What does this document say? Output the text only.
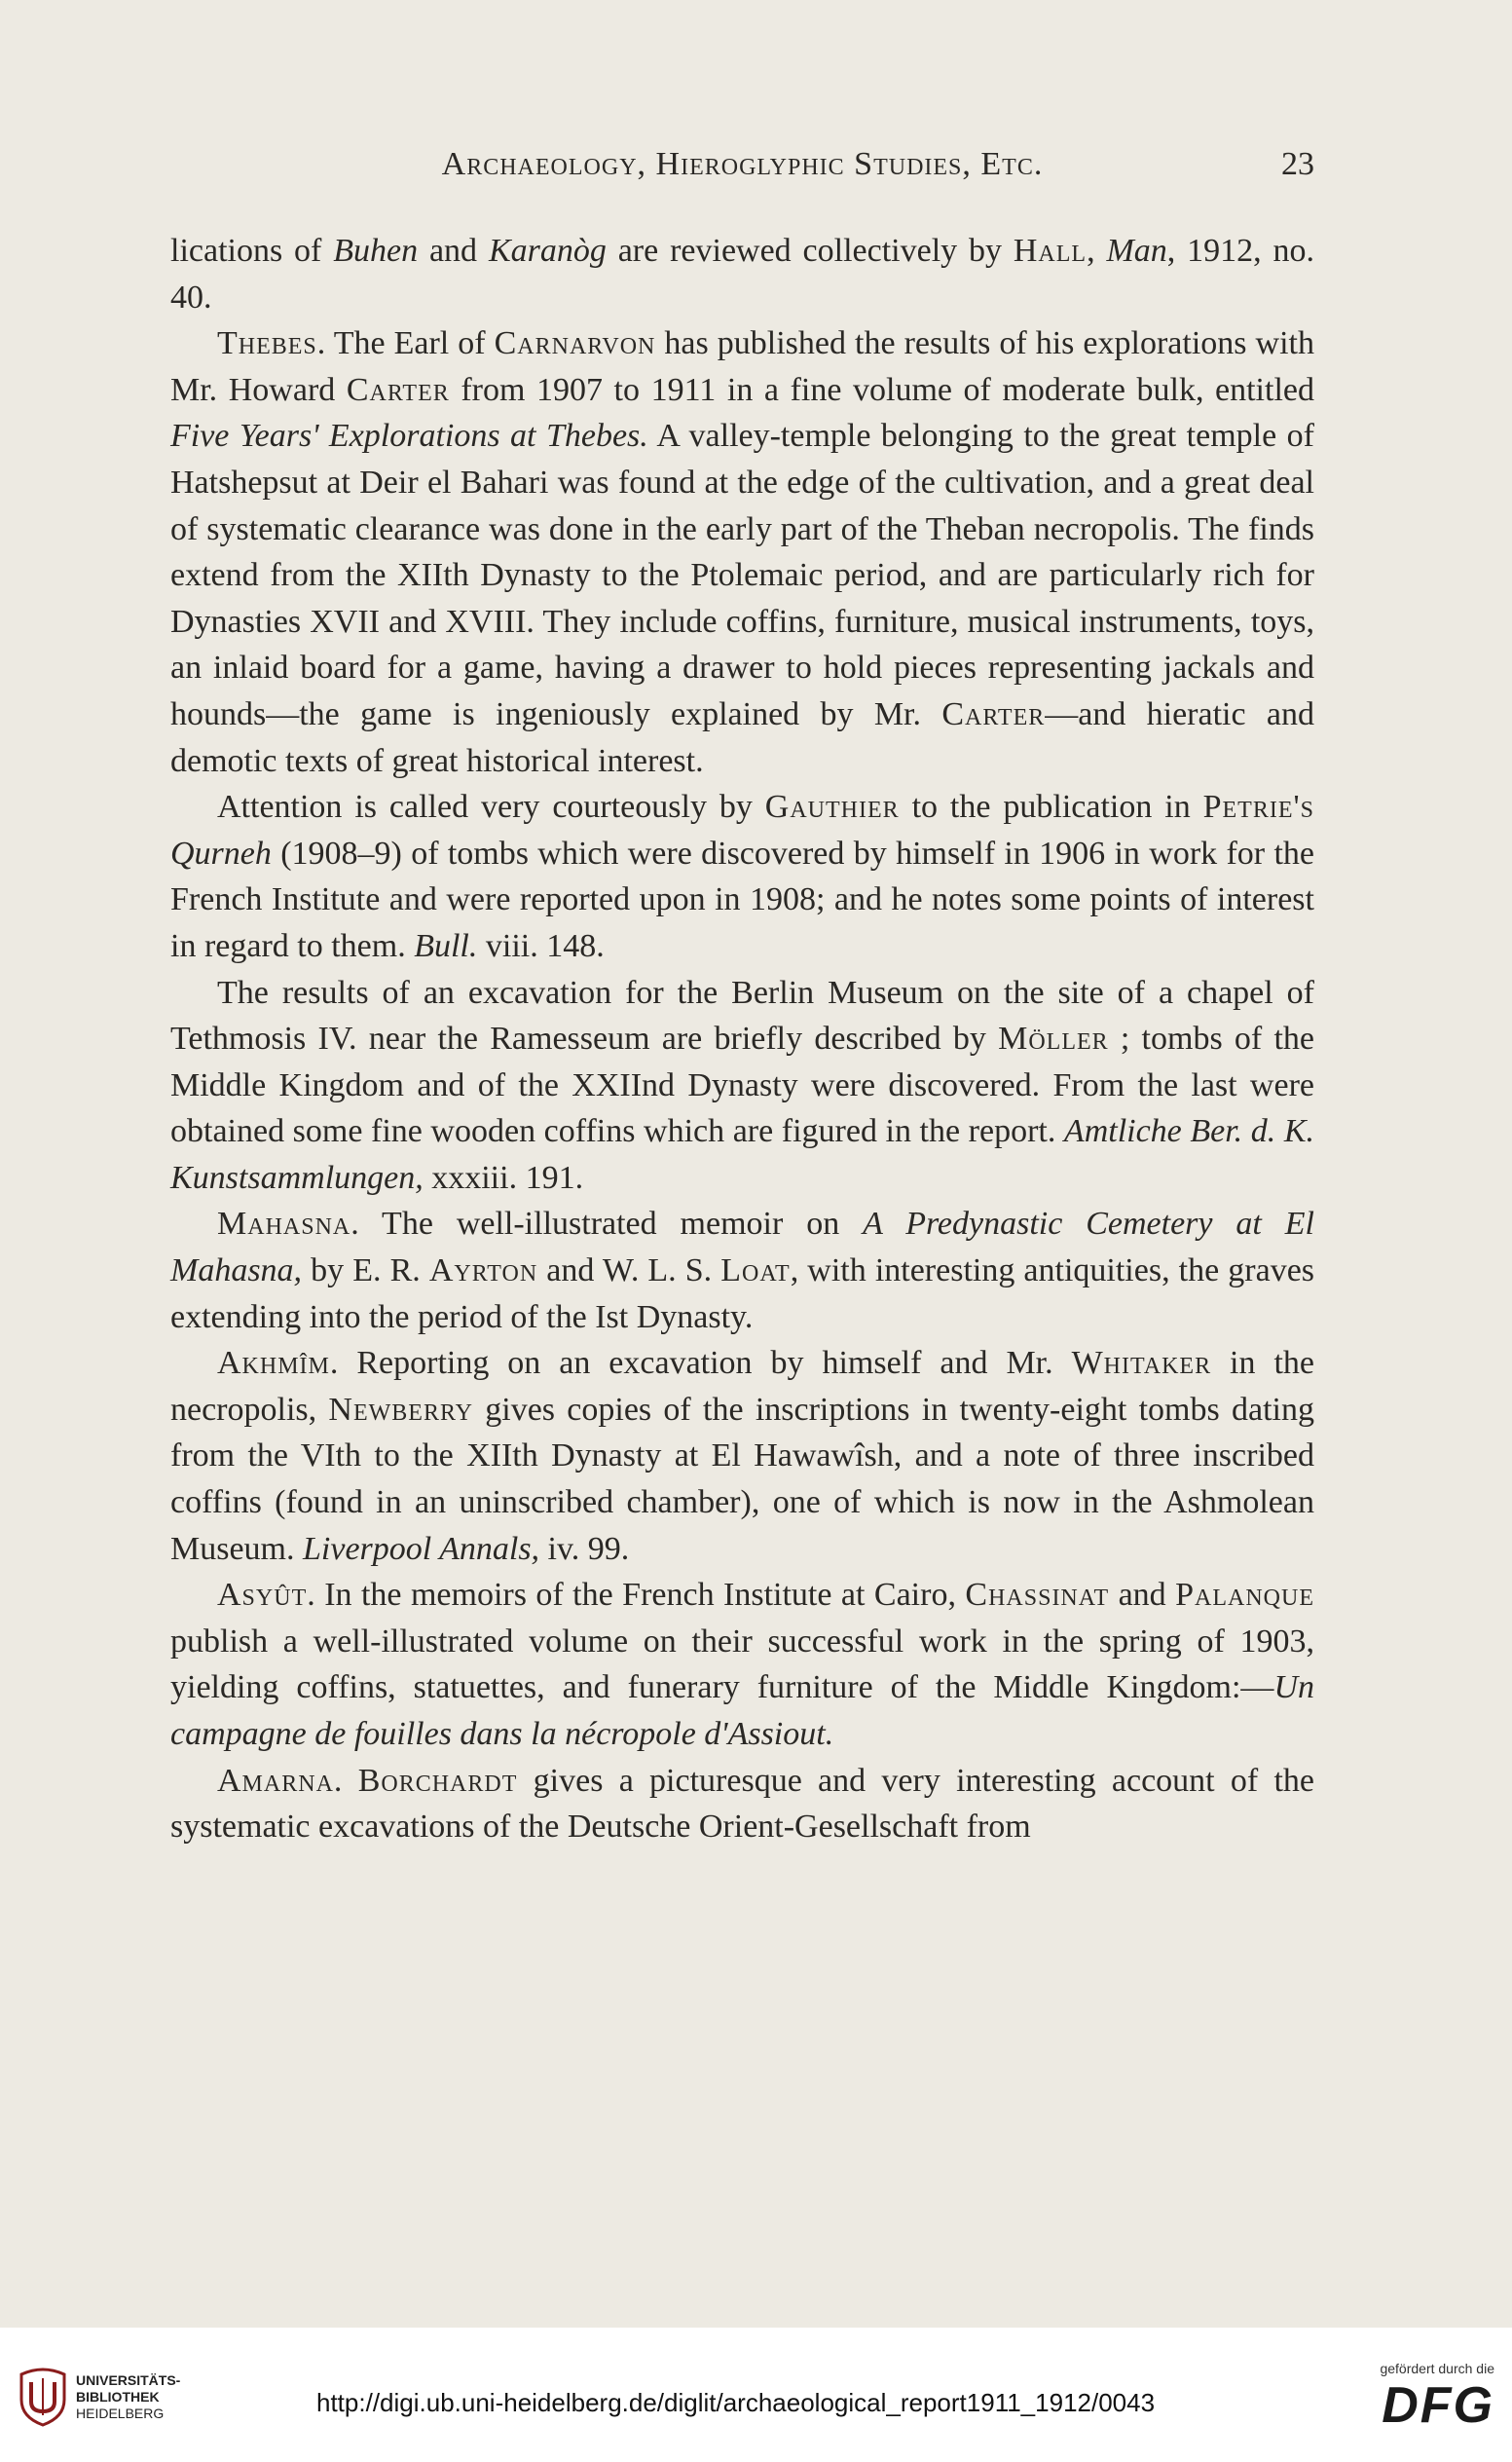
Archaeology, Hieroglyphic Studies, Etc.	23

lications of Buhen and Karanòg are reviewed collectively by Hall, Man, 1912, no. 40.

Thebes. The Earl of Carnarvon has published the results of his explorations with Mr. Howard Carter from 1907 to 1911 in a fine volume of moderate bulk, entitled Five Years' Explorations at Thebes. A valley-temple belonging to the great temple of Hatshepsut at Deir el Bahari was found at the edge of the cultivation, and a great deal of systematic clearance was done in the early part of the Theban necropolis. The finds extend from the XIIth Dynasty to the Ptolemaic period, and are particularly rich for Dynasties XVII and XVIII. They include coffins, furniture, musical instruments, toys, an inlaid board for a game, having a drawer to hold pieces representing jackals and hounds—the game is ingeniously explained by Mr. Carter—and hieratic and demotic texts of great historical interest.

Attention is called very courteously by Gauthier to the publication in Petrie's Qurneh (1908–9) of tombs which were discovered by himself in 1906 in work for the French Institute and were reported upon in 1908; and he notes some points of interest in regard to them. Bull. viii. 148.

The results of an excavation for the Berlin Museum on the site of a chapel of Tethmosis IV. near the Ramesseum are briefly described by Möller ; tombs of the Middle Kingdom and of the XXIInd Dynasty were discovered. From the last were obtained some fine wooden coffins which are figured in the report. Amtliche Ber. d. K. Kunstsammlungen, xxxiii. 191.

Mahasna. The well-illustrated memoir on A Predynastic Cemetery at El Mahasna, by E. R. Ayrton and W. L. S. Loat, with interesting antiquities, the graves extending into the period of the Ist Dynasty.

Akhmîm. Reporting on an excavation by himself and Mr. Whitaker in the necropolis, Newberry gives copies of the inscriptions in twenty-eight tombs dating from the VIth to the XIIth Dynasty at El Hawawîsh, and a note of three inscribed coffins (found in an uninscribed chamber), one of which is now in the Ashmolean Museum. Liverpool Annals, iv. 99.

Asyût. In the memoirs of the French Institute at Cairo, Chassinat and Palanque publish a well-illustrated volume on their successful work in the spring of 1903, yielding coffins, statuettes, and funerary furniture of the Middle Kingdom:—Un campagne de fouilles dans la nécropole d'Assiout.

Amarna. Borchardt gives a picturesque and very interesting account of the systematic excavations of the Deutsche Orient-Gesellschaft from

UNIVERSITÄTS-
BIBLIOTHEK
HEIDELBERG	http://digi.ub.uni-heidelberg.de/diglit/archaeological_report1911_1912/0043
gefördert durch die
DFG
